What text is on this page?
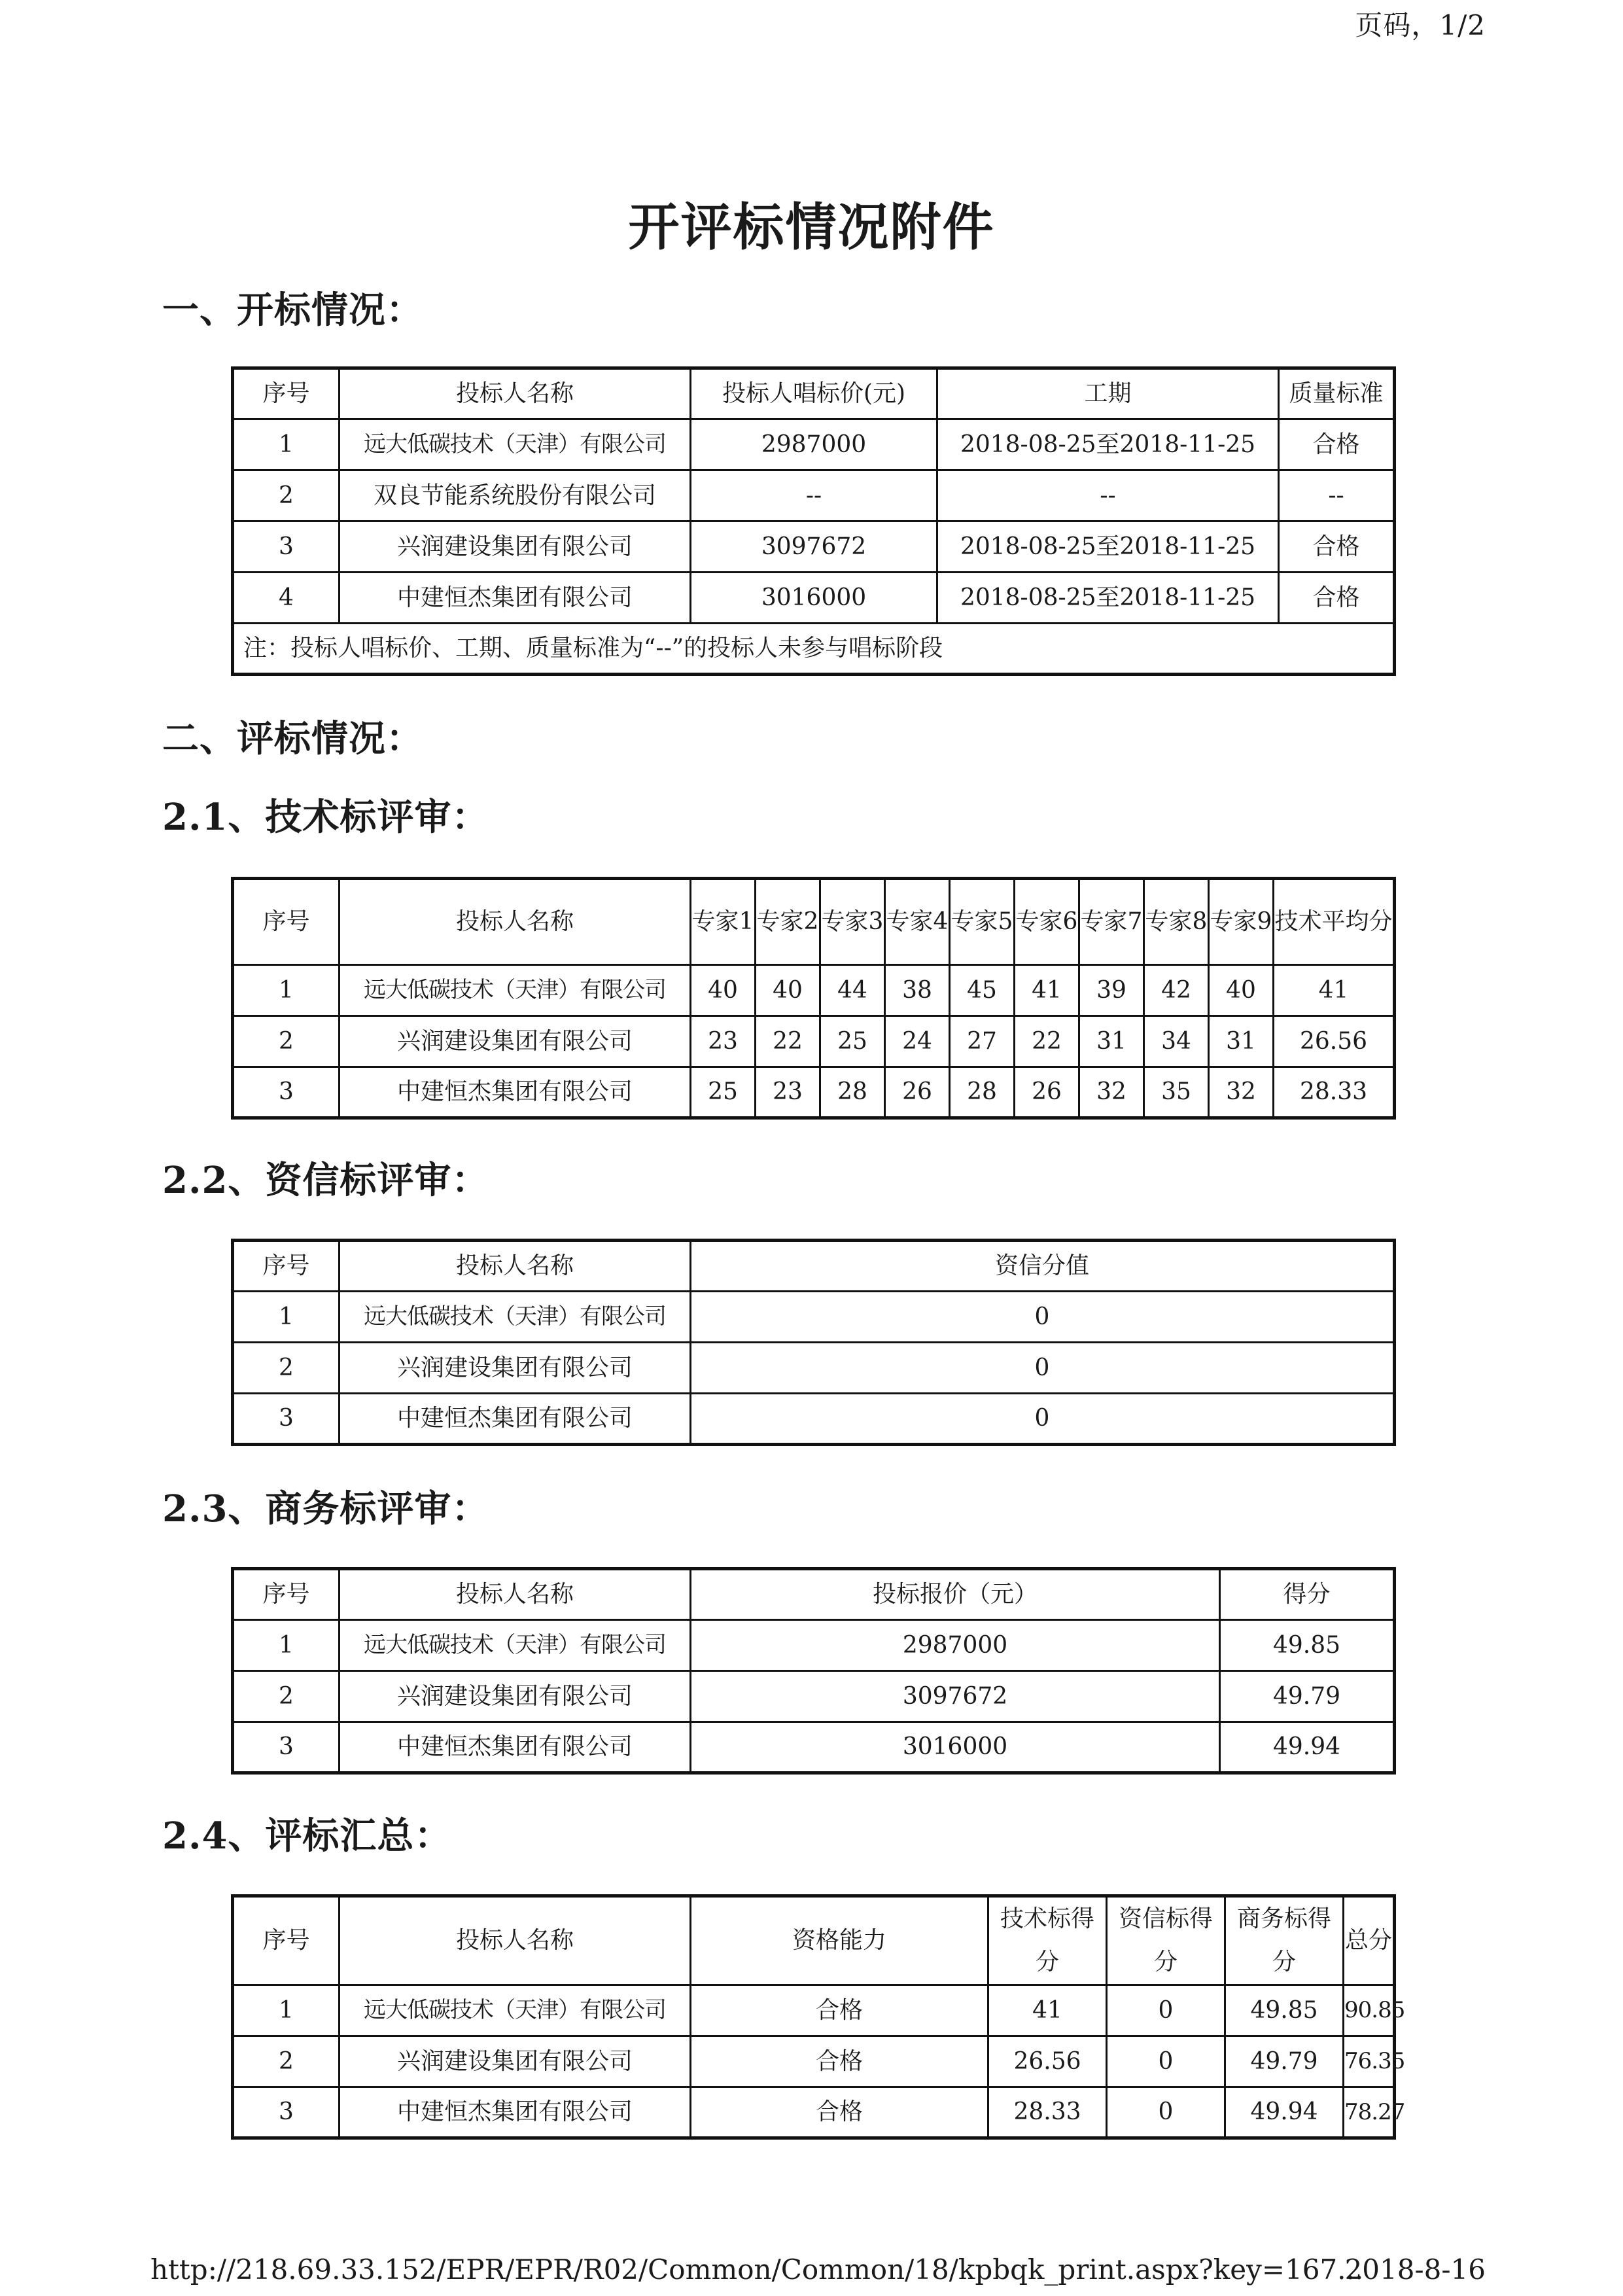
页码，1/2
开评标情况附件
一、开标情况：
序号	投标人名称	投标人唱标价(元)	工期	质量标准
1	远大低碳技术（天津）有限公司	2987000	2018-08-25至2018-11-25	合格
2	双良节能系统股份有限公司	--	--	--
3	兴润建设集团有限公司	3097672	2018-08-25至2018-11-25	合格
4	中建恒杰集团有限公司	3016000	2018-08-25至2018-11-25	合格
注：投标人唱标价、工期、质量标准为“--”的投标人未参与唱标阶段				
二、评标情况：
2.1、技术标评审：
序号	投标人名称	专家1	专家2	专家3	专家4	专家5	专家6	专家7	专家8	专家9	技术平均分
1	远大低碳技术（天津）有限公司	40	40	44	38	45	41	39	42	40	41
2	兴润建设集团有限公司	23	22	25	24	27	22	31	34	31	26.56
3	中建恒杰集团有限公司	25	23	28	26	28	26	32	35	32	28.33
2.2、资信标评审：
序号	投标人名称	资信分值
1	远大低碳技术（天津）有限公司	0
2	兴润建设集团有限公司	0
3	中建恒杰集团有限公司	0
2.3、商务标评审：
序号	投标人名称	投标报价（元）	得分
1	远大低碳技术（天津）有限公司	2987000	49.85
2	兴润建设集团有限公司	3097672	49.79
3	中建恒杰集团有限公司	3016000	49.94
2.4、评标汇总：
序号	投标人名称	资格能力	技术标得分	资信标得分	商务标得分	总分
1	远大低碳技术（天津）有限公司	合格	41	0	49.85	90.85
2	兴润建设集团有限公司	合格	26.56	0	49.79	76.35
3	中建恒杰集团有限公司	合格	28.33	0	49.94	78.27
http://218.69.33.152/EPR/EPR/R02/Common/Common/18/kpbqk_print.aspx?key=167...
2018-8-16
